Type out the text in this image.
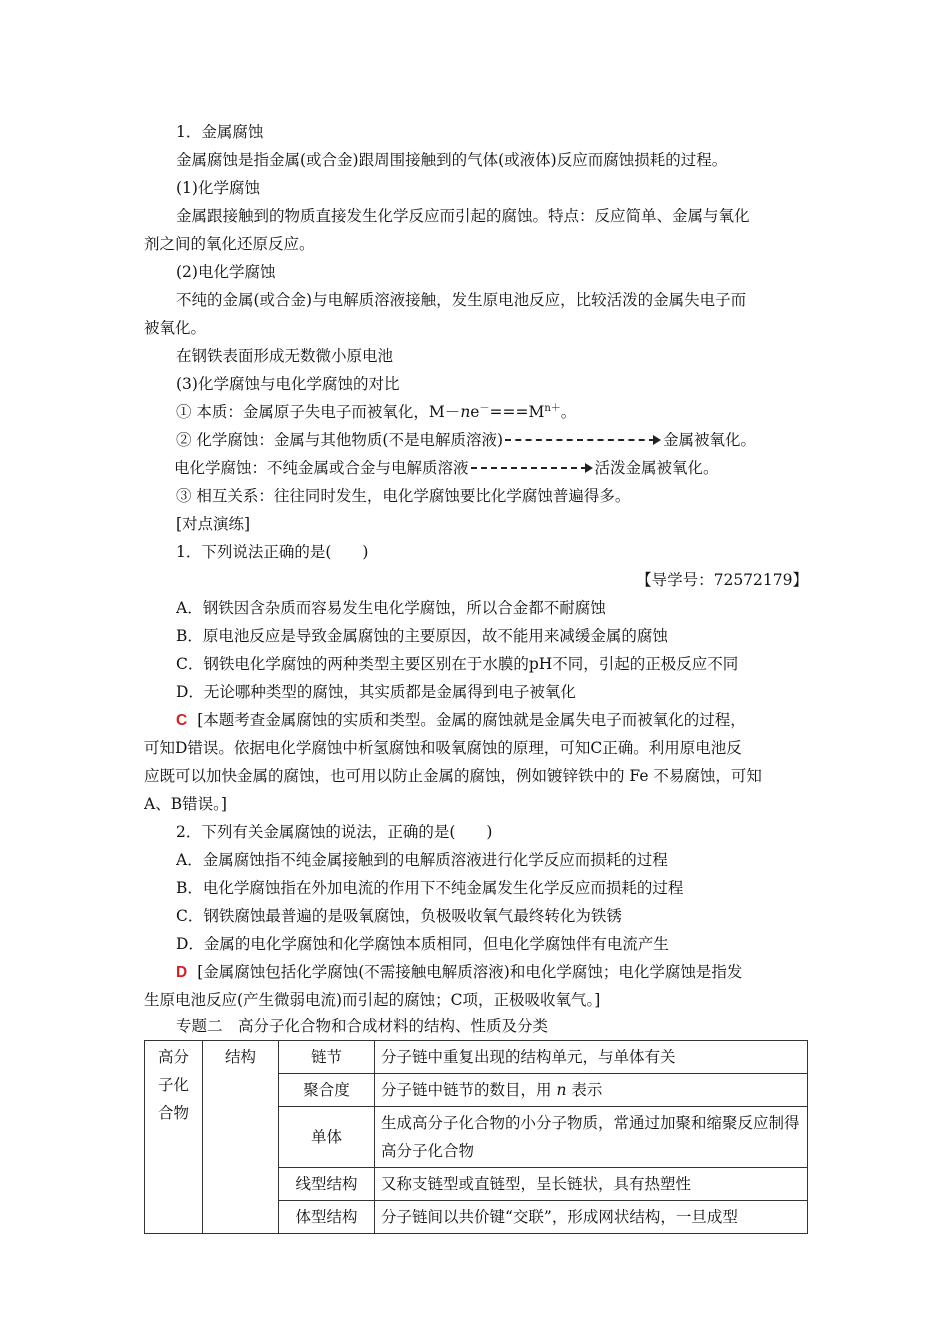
1．金属腐蚀
金属腐蚀是指金属(或合金)跟周围接触到的气体(或液体)反应而腐蚀损耗的过程。
(1)化学腐蚀
金属跟接触到的物质直接发生化学反应而引起的腐蚀。特点：反应简单、金属与氧化
剂之间的氧化还原反应。
(2)电化学腐蚀
不纯的金属(或合金)与电解质溶液接触，发生原电池反应，比较活泼的金属失电子而
被氧化。
在钢铁表面形成无数微小原电池
(3)化学腐蚀与电化学腐蚀的对比
① 本质：金属原子失电子而被氧化，$M-ne^-===M^{n+}$。
② 化学腐蚀：金属与其他物质(不是电解质溶液)	金属被氧化。
电化学腐蚀：不纯金属或合金与电解质溶液	活泼金属被氧化。
③ 相互关系：往往同时发生，电化学腐蚀要比化学腐蚀普遍得多。
[对点演练]
1．下列说法正确的是(　　)
【导学号：72572179】
A．钢铁因含杂质而容易发生电化学腐蚀，所以合金都不耐腐蚀
B．原电池反应是导致金属腐蚀的主要原因，故不能用来减缓金属的腐蚀
C．钢铁电化学腐蚀的两种类型主要区别在于水膜的pH不同，引起的正极反应不同
D．无论哪种类型的腐蚀，其实质都是金属得到电子被氧化
C [本题考查金属腐蚀的实质和类型。金属的腐蚀就是金属失电子而被氧化的过程，
可知D错误。依据电化学腐蚀中析氢腐蚀和吸氧腐蚀的原理，可知C正确。利用原电池反
应既可以加快金属的腐蚀，也可用以防止金属的腐蚀，例如镀锌铁中的 Fe 不易腐蚀，可知
A、B错误。]
2．下列有关金属腐蚀的说法，正确的是(　　)
A．金属腐蚀指不纯金属接触到的电解质溶液进行化学反应而损耗的过程
B．电化学腐蚀指在外加电流的作用下不纯金属发生化学反应而损耗的过程
C．钢铁腐蚀最普遍的是吸氧腐蚀，负极吸收氧气最终转化为铁锈
D．金属的电化学腐蚀和化学腐蚀本质相同，但电化学腐蚀伴有电流产生
D [金属腐蚀包括化学腐蚀(不需接触电解质溶液)和电化学腐蚀；电化学腐蚀是指发
生原电池反应(产生微弱电流)而引起的腐蚀；C项，正极吸收氧气。]
专题二　高分子化合物和合成材料的结构、性质及分类
高分
子化
合物	结构	链节	分子链中重复出现的结构单元，与单体有关
		聚合度	分子链中链节的数目，用 n 表示
		单体	生成高分子化合物的小分子物质，常通过加聚和缩聚反应制得高分子化合物
		线型结构	又称支链型或直链型，呈长链状，具有热塑性
		体型结构	分子链间以共价键“交联”，形成网状结构，一旦成型
